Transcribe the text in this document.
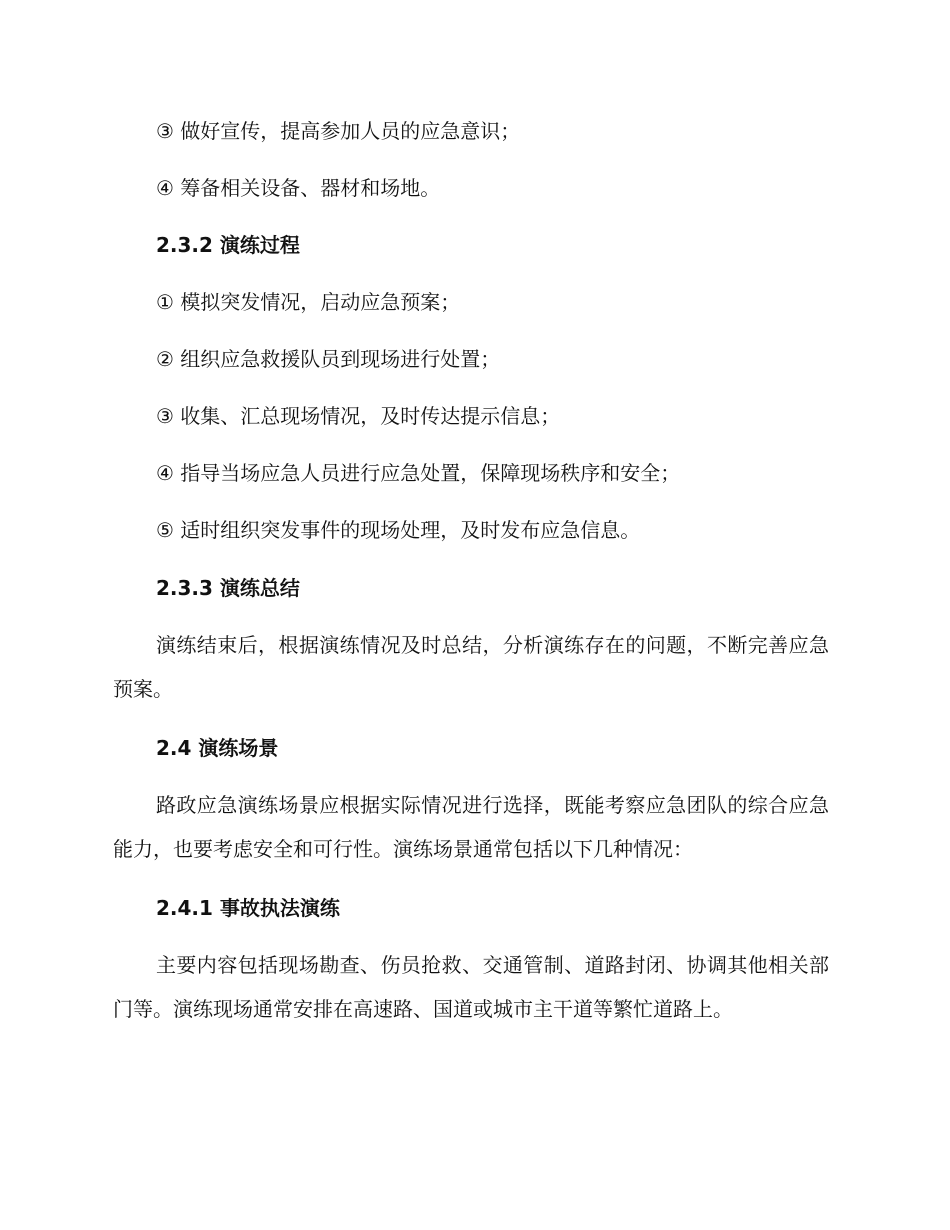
③ 做好宣传，提高参加人员的应急意识；
④ 筹备相关设备、器材和场地。
2.3.2 演练过程
① 模拟突发情况，启动应急预案；
② 组织应急救援队员到现场进行处置；
③ 收集、汇总现场情况，及时传达提示信息；
④ 指导当场应急人员进行应急处置，保障现场秩序和安全；
⑤ 适时组织突发事件的现场处理，及时发布应急信息。
2.3.3 演练总结
演练结束后，根据演练情况及时总结，分析演练存在的问题，不断完善应急预案。
2.4 演练场景
路政应急演练场景应根据实际情况进行选择，既能考察应急团队的综合应急能力，也要考虑安全和可行性。演练场景通常包括以下几种情况：
2.4.1 事故执法演练
主要内容包括现场勘查、伤员抢救、交通管制、道路封闭、协调其他相关部门等。演练现场通常安排在高速路、国道或城市主干道等繁忙道路上。
